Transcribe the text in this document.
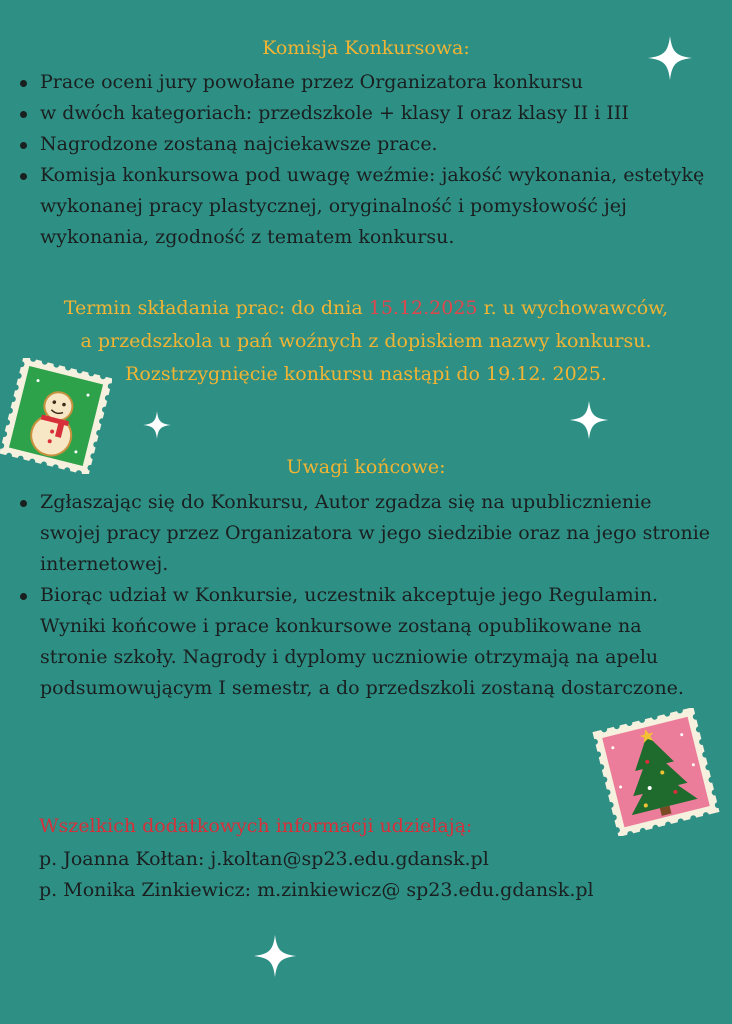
Komisja Konkursowa:
Prace oceni jury powołane przez Organizatora konkursu
w dwóch kategoriach: przedszkole + klasy I oraz klasy II i III
Nagrodzone zostaną najciekawsze prace.
Komisja konkursowa pod uwagę weźmie: jakość wykonania, estetykę wykonanej pracy plastycznej, oryginalność i pomysłowość jej wykonania, zgodność z tematem konkursu.
Termin składania prac: do dnia 15.12.2025 r. u wychowawców,
a przedszkola u pań woźnych z dopiskiem nazwy konkursu.
Rozstrzygnięcie konkursu nastąpi do 19.12. 2025.
Uwagi końcowe:
Zgłaszając się do Konkursu, Autor zgadza się na upublicznienie swojej pracy przez Organizatora w jego siedzibie oraz na jego stronie internetowej.
Biorąc udział w Konkursie, uczestnik akceptuje jego Regulamin. Wyniki końcowe i prace konkursowe zostaną opublikowane na stronie szkoły. Nagrody i dyplomy uczniowie otrzymają na apelu podsumowującym I semestr, a do przedszkoli zostaną dostarczone.
Wszelkich dodatkowych informacji udzielają:
p. Joanna Kołtan: j.koltan@sp23.edu.gdansk.pl
p. Monika Zinkiewicz: m.zinkiewicz@ sp23.edu.gdansk.pl
